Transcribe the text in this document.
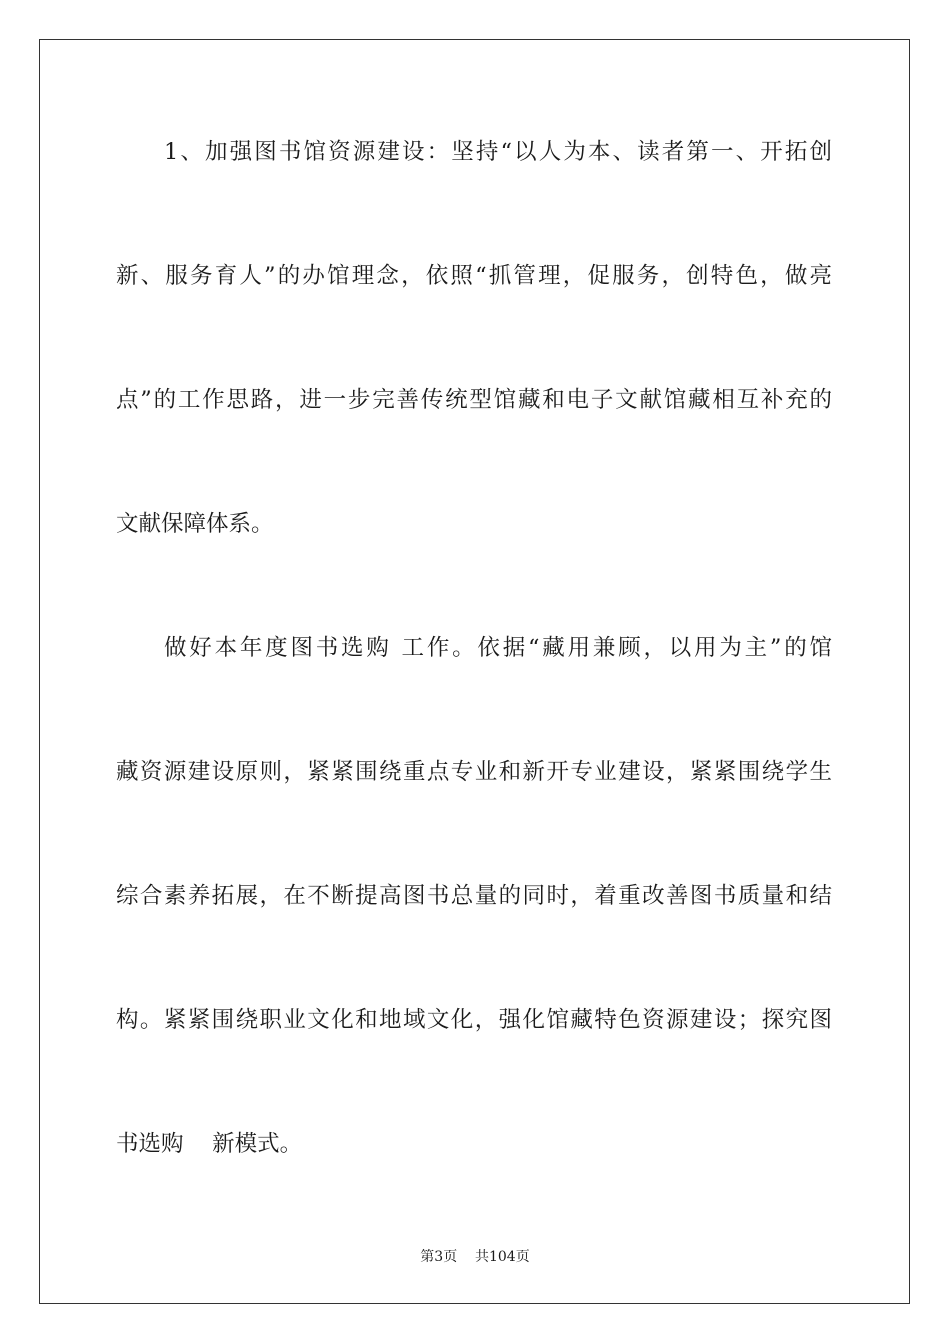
1、加强图书馆资源建设：坚持“以人为本、读者第一、开拓创
新、服务育人”的办馆理念，依照“抓管理，促服务，创特色，做亮
点”的工作思路，进一步完善传统型馆藏和电子文献馆藏相互补充的
文献保障体系。
做好本年度图书选购 工作。依据“藏用兼顾，以用为主”的馆
藏资源建设原则，紧紧围绕重点专业和新开专业建设，紧紧围绕学生
综合素养拓展，在不断提高图书总量的同时，着重改善图书质量和结
构。紧紧围绕职业文化和地域文化，强化馆藏特色资源建设；探究图
书选购    新模式。
第3页    共104页
